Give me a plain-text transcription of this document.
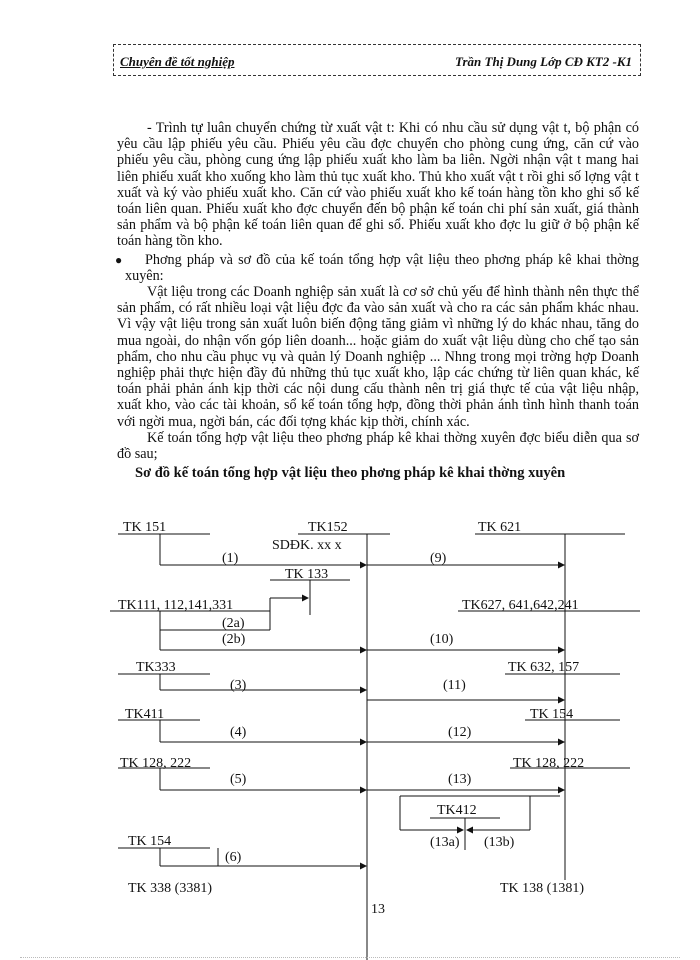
Chuyên đề tốt nghiệp	Trần Thị Dung Lớp CĐ KT2 -K1

- Trình tự luân chuyển chứng từ xuất vật t: Khi có nhu cầu sử dụng vật t, bộ phận có yêu cầu lập phiếu yêu cầu. Phiếu yêu cầu đợc chuyển cho phòng cung ứng, căn cứ vào phiếu yêu cầu, phòng cung ứng lập phiếu xuất kho làm ba liên. Ngời nhận vật t mang hai liên phiếu xuất kho xuống kho làm thủ tục xuất kho. Thủ kho xuất vật t rồi ghi số lợng vật t xuất và ký vào phiếu xuất kho. Căn cứ vào phiếu xuất kho kế toán hàng tồn kho ghi sổ kế toán liên quan. Phiếu xuất kho đợc chuyển đến bộ phận kế toán chi phí sản xuất, giá thành sản phẩm và bộ phận kế toán liên quan để ghi sổ. Phiếu xuất kho đợc lu giữ ở bộ phận kế toán hàng tồn kho.

● Phơng pháp và sơ đồ của kế toán tổng hợp vật liệu theo phơng pháp kê khai thờng xuyên:

Vật liệu trong các Doanh nghiệp sản xuất là cơ sở chủ yếu để hình thành nên thực thể sản phẩm, có rất nhiều loại vật liệu đợc đa vào sản xuất và cho ra các sản phẩm khác nhau. Vì vậy vật liệu trong sản xuất luôn biến động tăng giảm vì những lý do khác nhau, tăng do mua ngoài, do nhận vốn góp liên doanh... hoặc giảm do xuất vật liệu dùng cho chế tạo sản phẩm, cho nhu cầu phục vụ và quản lý Doanh nghiệp ... Nhng trong mọi trờng hợp Doanh nghiệp phải thực hiện đầy đủ những thủ tục xuất kho, lập các chứng từ liên quan khác, kế toán phải phản ánh kịp thời các nội dung cấu thành nên trị giá thực tế của vật liệu nhập, xuất kho, vào các tài khoản, sổ kế toán tổng hợp, đồng thời phản ánh tình hình thanh toán với ngời mua, ngời bán, các đối tợng khác kịp thời, chính xác.

Kế toán tổng hợp vật liệu theo phơng pháp kê khai thờng xuyên đợc biểu diễn qua sơ đồ sau;

Sơ đồ kế toán tổng hợp vật liệu theo phơng pháp kê khai thờng xuyên

TK 151	TK152
SDĐK. xx x
TK 621
(1)	(9)
TK 133
TK111, 112,141,331	TK627, 641,642,241
(2a)
(2b)	(10)
TK333	TK 632, 157
(3)	(11)
TK411	TK 154
(4)	(12)
TK 128, 222	TK 128, 222
(5)	(13)
TK412
(13a) (13b)
TK 154
(6)
TK 338 (3381)	TK 138 (1381)
13
